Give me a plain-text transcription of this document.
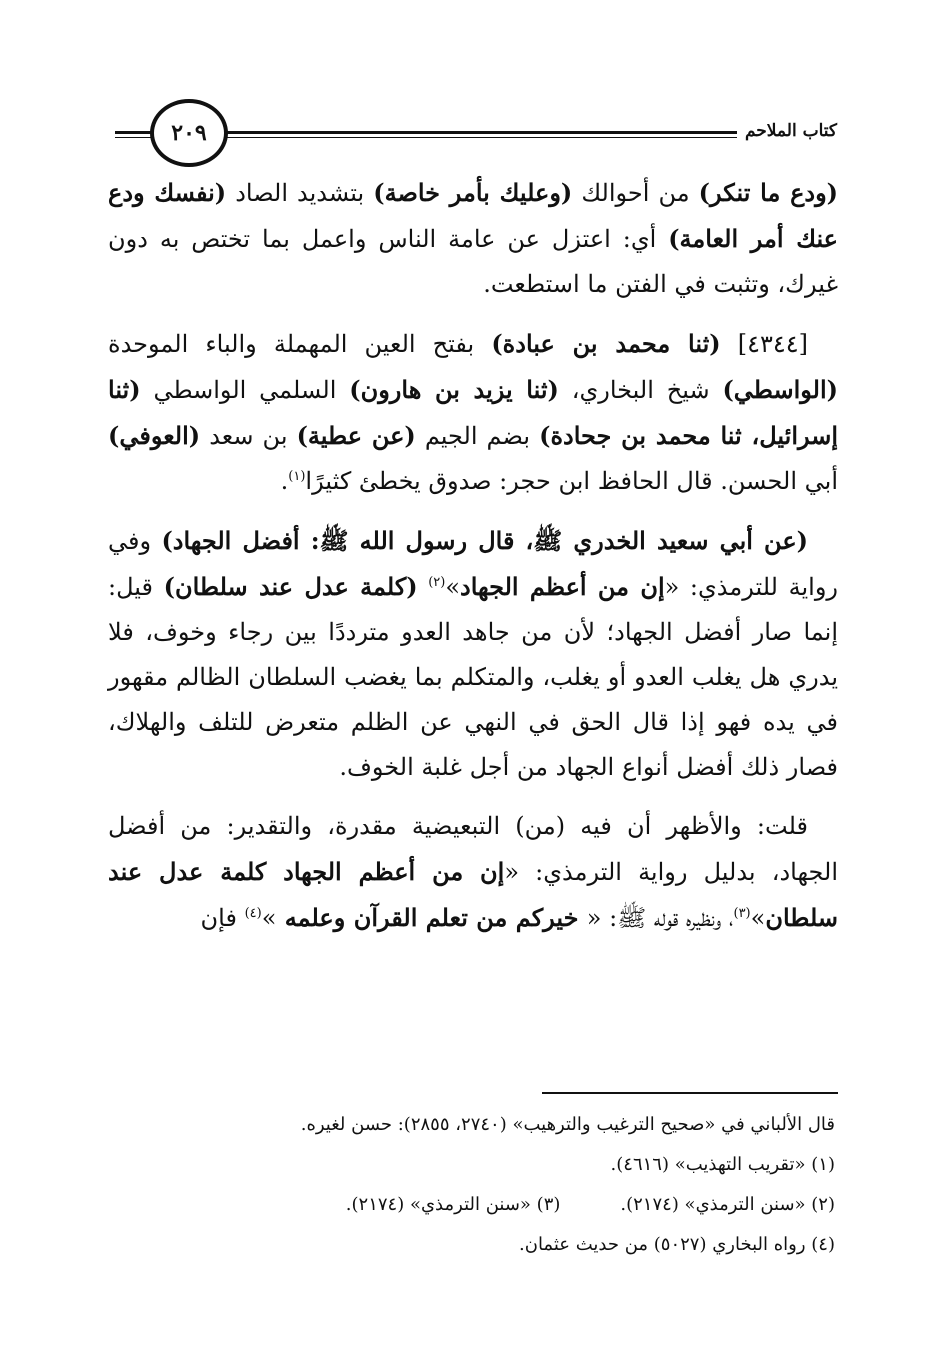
٢٠٩	كتاب الملاحم

(ودع ما تنكر) من أحوالك (وعليك بأمر خاصة) بتشديد الصاد (نفسك ودع عنك أمر العامة) أي: اعتزل عن عامة الناس واعمل بما تختص به دون غيرك، وتثبت في الفتن ما استطعت.

[٤٣٤٤] (ثنا محمد بن عبادة) بفتح العين المهملة والباء الموحدة (الواسطي) شيخ البخاري، (ثنا يزيد بن هارون) السلمي الواسطي (ثنا إسرائيل، ثنا محمد بن جحادة) بضم الجيم (عن عطية) بن سعد (العوفي) أبي الحسن. قال الحافظ ابن حجر: صدوق يخطئ كثيرًا$^{(١)}$.

(عن أبي سعيد الخدري ﷺ، قال رسول الله ﷺ: أفضل الجهاد) وفي رواية للترمذي: «إن من أعظم الجهاد»$^{(٢)}$ (كلمة عدل عند سلطان) قيل: إنما صار أفضل الجهاد؛ لأن من جاهد العدو مترددًا بين رجاء وخوف، فلا يدري هل يغلب العدو أو يغلب، والمتكلم بما يغضب السلطان الظالم مقهور في يده فهو إذا قال الحق في النهي عن الظلم متعرض للتلف والهلاك، فصار ذلك أفضل أنواع الجهاد من أجل غلبة الخوف.

قلت: والأظهر أن فيه (من) التبعيضية مقدرة، والتقدير: من أفضل الجهاد، بدليل رواية الترمذي: «إن من أعظم الجهاد كلمة عدل عند سلطان»$^{(٣)}$، ونظيره قوله ﷺ: « خيركم من تعلم القرآن وعلمه »$^{(٤)}$ فإن

قال الألباني في «صحيح الترغيب والترهيب» (٢٧٤٠، ٢٨٥٥): حسن لغيره.
(١) «تقريب التهذيب» (٤٦١٦).
(٢) «سنن الترمذي» (٢١٧٤).(٣) «سنن الترمذي» (٢١٧٤).
(٤) رواه البخاري (٥٠٢٧) من حديث عثمان.
